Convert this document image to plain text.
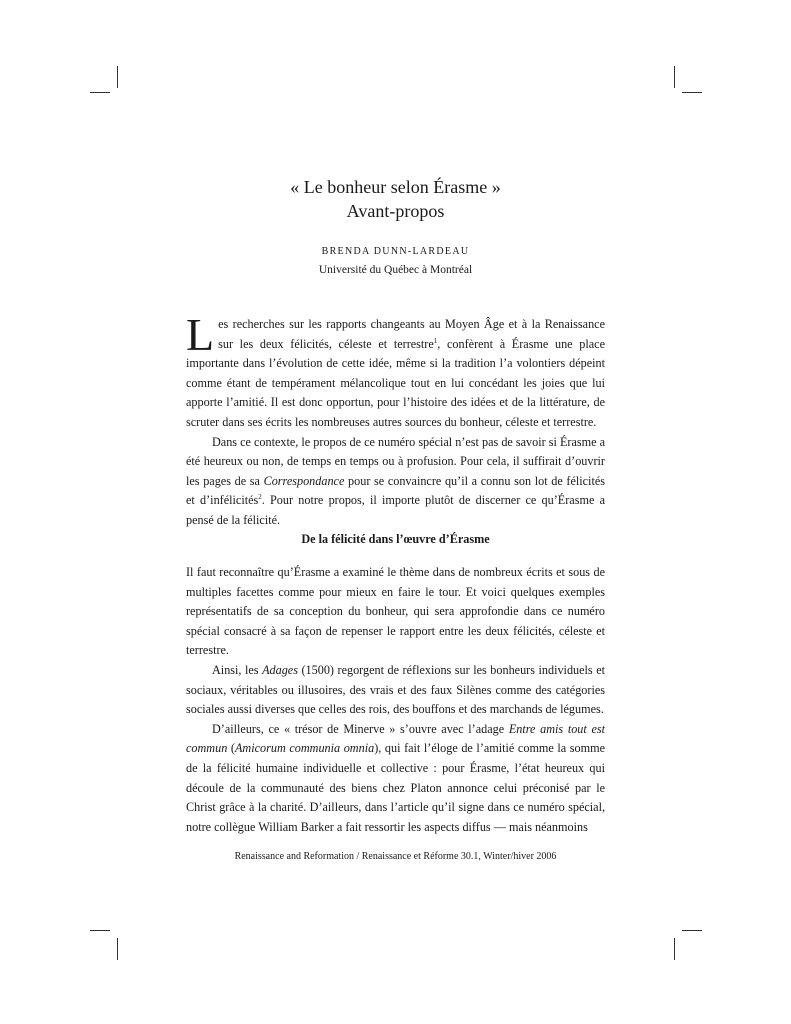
« Le bonheur selon Érasme »
Avant-propos
BRENDA DUNN-LARDEAU
Université du Québec à Montréal

Les recherches sur les rapports changeants au Moyen Âge et à la Renaissance sur les deux félicités, céleste et terrestre$^1$, confèrent à Érasme une place importante dans l’évolution de cette idée, même si la tradition l’a volontiers dépeint comme étant de tempérament mélancolique tout en lui concédant les joies que lui apporte l’amitié. Il est donc opportun, pour l’histoire des idées et de la littérature, de scruter dans ses écrits les nombreuses autres sources du bonheur, céleste et terrestre.

Dans ce contexte, le propos de ce numéro spécial n’est pas de savoir si Érasme a été heureux ou non, de temps en temps ou à profusion. Pour cela, il suffirait d’ouvrir les pages de sa Correspondance pour se convaincre qu’il a connu son lot de félicités et d’infélicités$^2$. Pour notre propos, il importe plutôt de discerner ce qu’Érasme a pensé de la félicité.

De la félicité dans l’œuvre d’Érasme

Il faut reconnaître qu’Érasme a examiné le thème dans de nombreux écrits et sous de multiples facettes comme pour mieux en faire le tour. Et voici quelques exemples représentatifs de sa conception du bonheur, qui sera approfondie dans ce numéro spécial consacré à sa façon de repenser le rapport entre les deux félicités, céleste et terrestre.

Ainsi, les Adages (1500) regorgent de réflexions sur les bonheurs individuels et sociaux, véritables ou illusoires, des vrais et des faux Silènes comme des catégories sociales aussi diverses que celles des rois, des bouffons et des marchands de légumes.

D’ailleurs, ce « trésor de Minerve » s’ouvre avec l’adage Entre amis tout est commun (Amicorum communia omnia), qui fait l’éloge de l’amitié comme la somme de la félicité humaine individuelle et collective : pour Érasme, l’état heureux qui découle de la communauté des biens chez Platon annonce celui préconisé par le Christ grâce à la charité. D’ailleurs, dans l’article qu’il signe dans ce numéro spécial, notre collègue William Barker a fait ressortir les aspects diffus — mais néanmoins

Renaissance and Reformation / Renaissance et Réforme 30.1, Winter/hiver 2006
